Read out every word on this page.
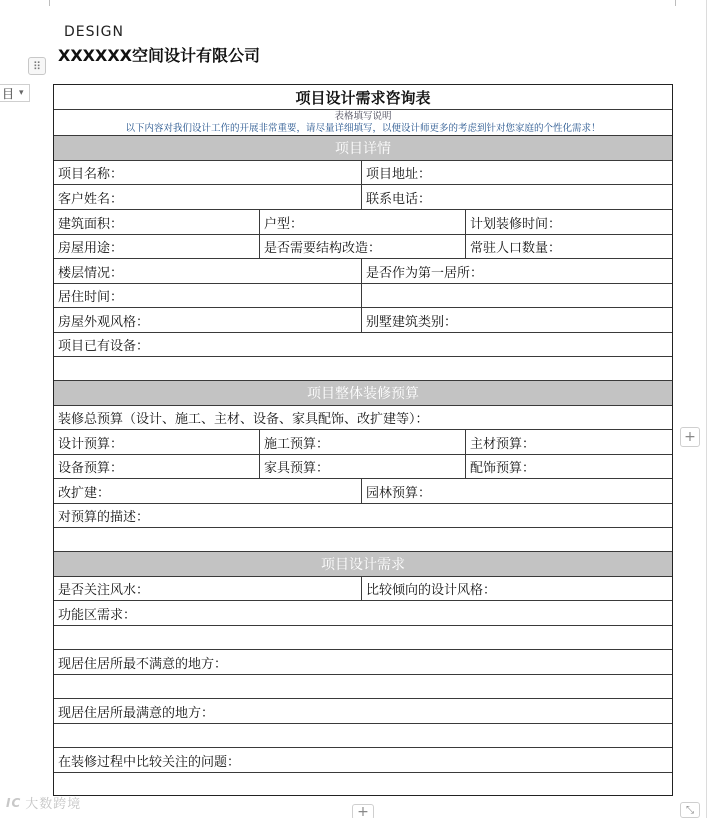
DESIGN
XXXXXX空间设计有限公司
⠿
目 ▾
+
+	⤡
IC 大数跨境
项目设计需求咨询表
表格填写说明
以下内容对我们设计工作的开展非常重要，请尽量详细填写，以便设计师更多的考虑到针对您家庭的个性化需求！
项目详情
项目名称：	项目地址：
客户姓名：	联系电话：
建筑面积：	户型：	计划装修时间：
房屋用途：	是否需要结构改造：	常驻人口数量：
楼层情况：	是否作为第一居所：
居住时间：
房屋外观风格：	别墅建筑类别：
项目已有设备：
项目整体装修预算
装修总预算（设计、施工、主材、设备、家具配饰、改扩建等）：
设计预算：	施工预算：	主材预算：
设备预算：	家具预算：	配饰预算：
改扩建：	园林预算：
对预算的描述：
项目设计需求
是否关注风水：	比较倾向的设计风格：
功能区需求：
现居住居所最不满意的地方：
现居住居所最满意的地方：
在装修过程中比较关注的问题：
